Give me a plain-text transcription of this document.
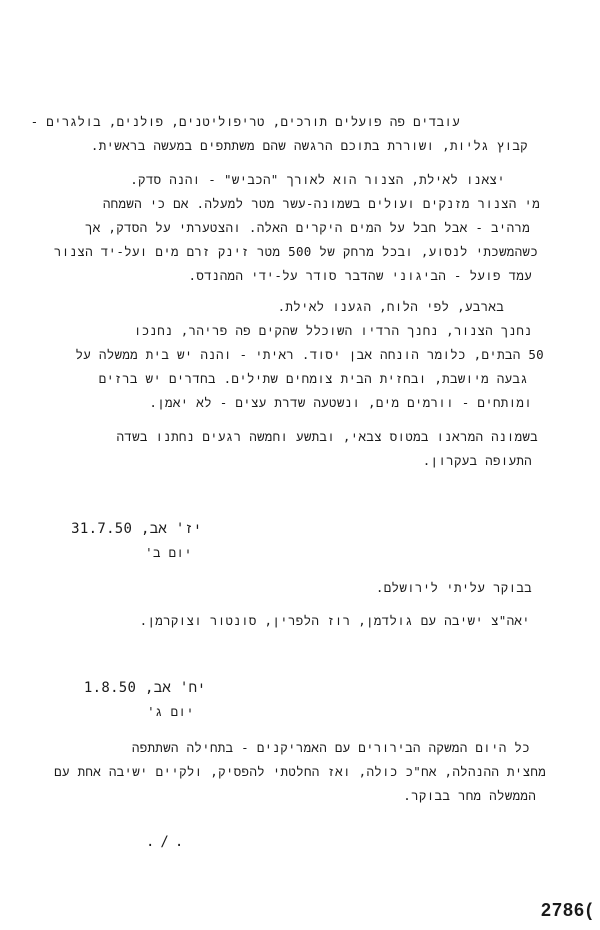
עובדים פה פועלים תורכים, טריפוליטנים, פולנים, בולגרים -
קבוץ גליות, ושוררת בתוכם הרגשה שהם משתתפים במעשה בראשית.
יצאנו לאילת, הצנור הוא לאורך "הכביש" - והנה סדק.
מי הצנור מזנקים ועולים בשמונה-עשר מטר למעלה. אם כי השמחה
מרהיב - אבל חבל על המים היקרים האלה. והצטערתי על הסדק, אך
כשהמשכתי לנסוע, ובכל מרחק של 500 מטר זינק זרם מים ועל-יד הצנור
עמד פועל - הביגוני שהדבר סודר על-ידי המהנדס.
בארבע, לפי הלוח, הגענו לאילת.
נחנך הצנור, נחנך הרדיו השוכלל שהקים פה פריהר, נחנכו
50 הבתים, כלומר הונחה אבן יסוד. ראיתי - והנה יש בית ממשלה על
גבעה מיושבת, ובחזית הבית צומחים שתילים. בחדרים יש ברזים
ומותחים - וורמים מים, ונשטעה שדרת עצים - לא יאמן.
בשמונה המראנו במטוס צבאי, ובתשע וחמשה רגעים נחתנו בשדה
התעופה בעקרון.
יז' אב, 31.7.50
יום ב'
בבוקר עליתי לירושלם.
יאה"צ ישיבה עם גולדמן, רוז הלפרין, סונטור וצוקרמן.
יח' אב, 1.8.50
יום ג'
כל היום המשקה הבירורים עם האמריקנים - בתחילה השתתפה
מחצית ההנהלה, אח"כ כולה, ואז החלטתי להפסיק, ולקיים ישיבה אחת עם
הממשלה מחר בבוקר.
./.
2786 (
